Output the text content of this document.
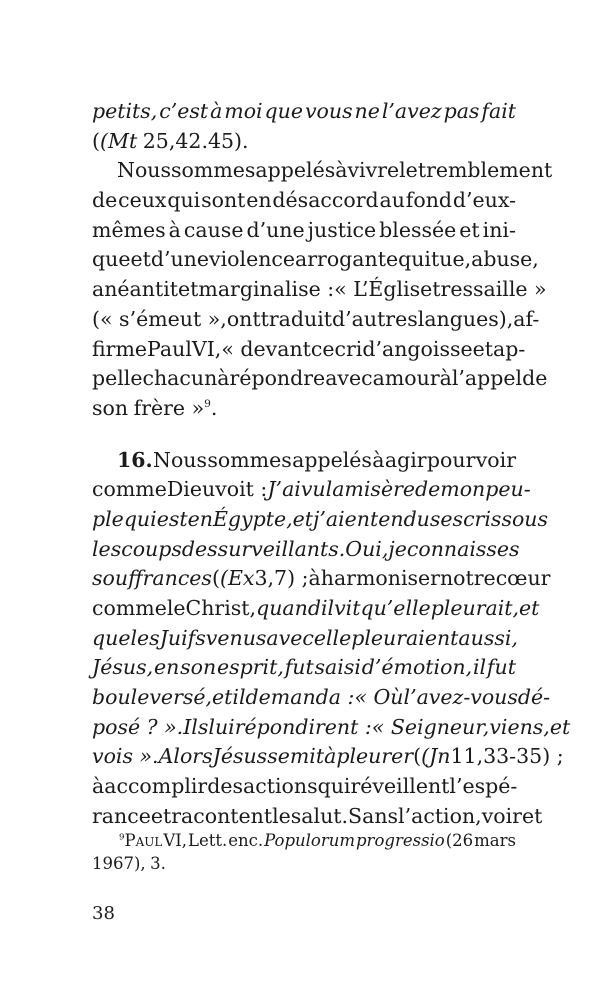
petits, c’est à moi que vous ne l’avez pas fait
((Mt 25,42.45).
Nous sommes appelés à vivre le tremblement
de ceux qui sont en désaccord au fond d’eux-
mêmes à cause d’une justice blessée et ini-
que et d’une violence arrogante qui tue, abuse,
anéantit et marginalise : « L’Église tressaille »
(« s’émeut », ont traduit d’autres langues), af-
firme Paul VI, « devant ce cri d’angoisse et ap-
pelle chacun à répondre avec amour à l’appel de
son frère »$^9$.
16. Nous sommes appelés à agir pour voir
comme Dieu voit : J’ai vu la misère de mon peu-
ple qui est en Égypte, et j’ai entendu ses cris sous
les coups des surveillants. Oui, je connais ses
souffrances ((Ex 3,7) ; à harmoniser notre cœur
comme le Christ, quand il vit qu’elle pleurait, et
que les Juifs venus avec elle pleuraient aussi,
Jésus, en son esprit, fut saisi d’émotion, il fut
bouleversé, et il demanda : « Où l’avez-vous dé-
posé ? ». Ils lui répondirent : « Seigneur, viens, et
vois ». Alors Jésus se mit à pleurer ((Jn 11,33-35) ;
à accomplir des actions qui réveillent l’espé-
rance et racontent le salut. Sans l’action, voir et
$^9$Paul VI, Lett. enc. Populorum progressio (26 mars
1967), 3.
38
